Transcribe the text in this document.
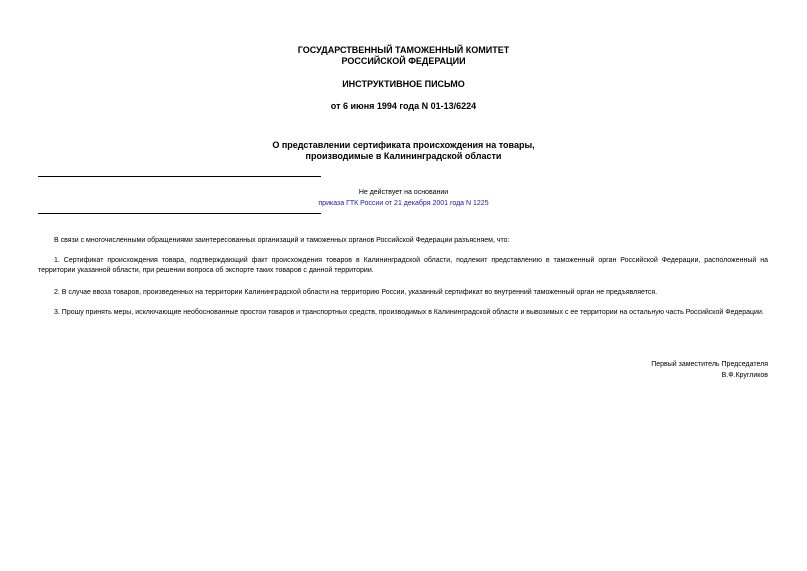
ГОСУДАРСТВЕННЫЙ ТАМОЖЕННЫЙ КОМИТЕТ
РОССИЙСКОЙ ФЕДЕРАЦИИ
ИНСТРУКТИВНОЕ ПИСЬМО
от 6 июня 1994 года N 01-13/6224
О представлении сертификата происхождения на товары,
производимые в Калининградской области
Не действует на основании
приказа ГТК России от 21 декабря 2001 года N 1225

В связи с многочисленными обращениями заинтересованных организаций и таможенных органов Российской Федерации разъясняем, что:

1. Сертификат происхождения товара, подтверждающий факт происхождения товаров в Калининградской области, подлежит представлению в таможенный орган Российской Федерации, расположенный на территории указанной области, при решении вопроса об экспорте таких товаров с данной территории.

2. В случае ввоза товаров, произведенных на территории Калининградской области на территорию России, указанный сертификат во внутренний таможенный орган не предъявляется.

3. Прошу принять меры, исключающие необоснованные простои товаров и транспортных средств, производимых в Калининградской области и вывозимых с ее территории на остальную часть Российской Федерации.

Первый заместитель Председателя
В.Ф.Кругликов
